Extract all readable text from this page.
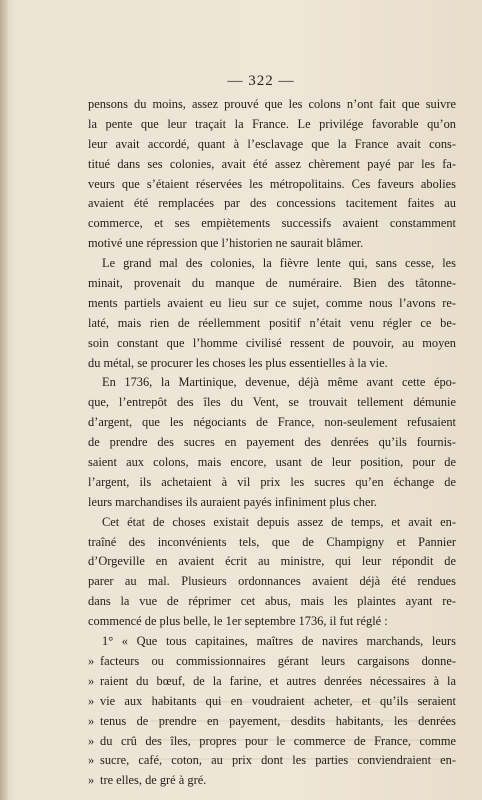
— 322 —
pensons du moins, assez prouvé que les colons n’ont fait que suivre
la pente que leur traçait la France. Le privilége favorable qu’on
leur avait accordé, quant à l’esclavage que la France avait cons-
titué dans ses colonies, avait été assez chèrement payé par les fa-
veurs que s’étaient réservées les métropolitains. Ces faveurs abolies
avaient été remplacées par des concessions tacitement faites au
commerce, et ses empiètements successifs avaient constamment
motivé une répression que l’historien ne saurait blâmer.
Le grand mal des colonies, la fièvre lente qui, sans cesse, les
minait, provenait du manque de numéraire. Bien des tâtonne-
ments partiels avaient eu lieu sur ce sujet, comme nous l’avons re-
laté, mais rien de réellemment positif n’était venu régler ce be-
soin constant que l’homme civilisé ressent de pouvoir, au moyen
du métal, se procurer les choses les plus essentielles à la vie.
En 1736, la Martinique, devenue, déjà même avant cette épo-
que, l’entrepôt des îles du Vent, se trouvait tellement démunie
d’argent, que les négociants de France, non-seulement refusaient
de prendre des sucres en payement des denrées qu’ils fournis-
saient aux colons, mais encore, usant de leur position, pour de
l’argent, ils achetaient à vil prix les sucres qu’en échange de
leurs marchandises ils auraient payés infiniment plus cher.
Cet état de choses existait depuis assez de temps, et avait en-
traîné des inconvénients tels, que de Champigny et Pannier
d’Orgeville en avaient écrit au ministre, qui leur répondit de
parer au mal. Plusieurs ordonnances avaient déjà été rendues
dans la vue de réprimer cet abus, mais les plaintes ayant re-
commencé de plus belle, le 1er septembre 1736, il fut réglé :
1° « Que tous capitaines, maîtres de navires marchands, leurs
» facteurs ou commissionnaires gérant leurs cargaisons donne-
» raient du bœuf, de la farine, et autres denrées nécessaires à la
» vie aux habitants qui en voudraient acheter, et qu’ils seraient
» tenus de prendre en payement, desdits habitants, les denrées
» du crû des îles, propres pour le commerce de France, comme
» sucre, café, coton, au prix dont les parties conviendraient en-
» tre elles, de gré à gré.
